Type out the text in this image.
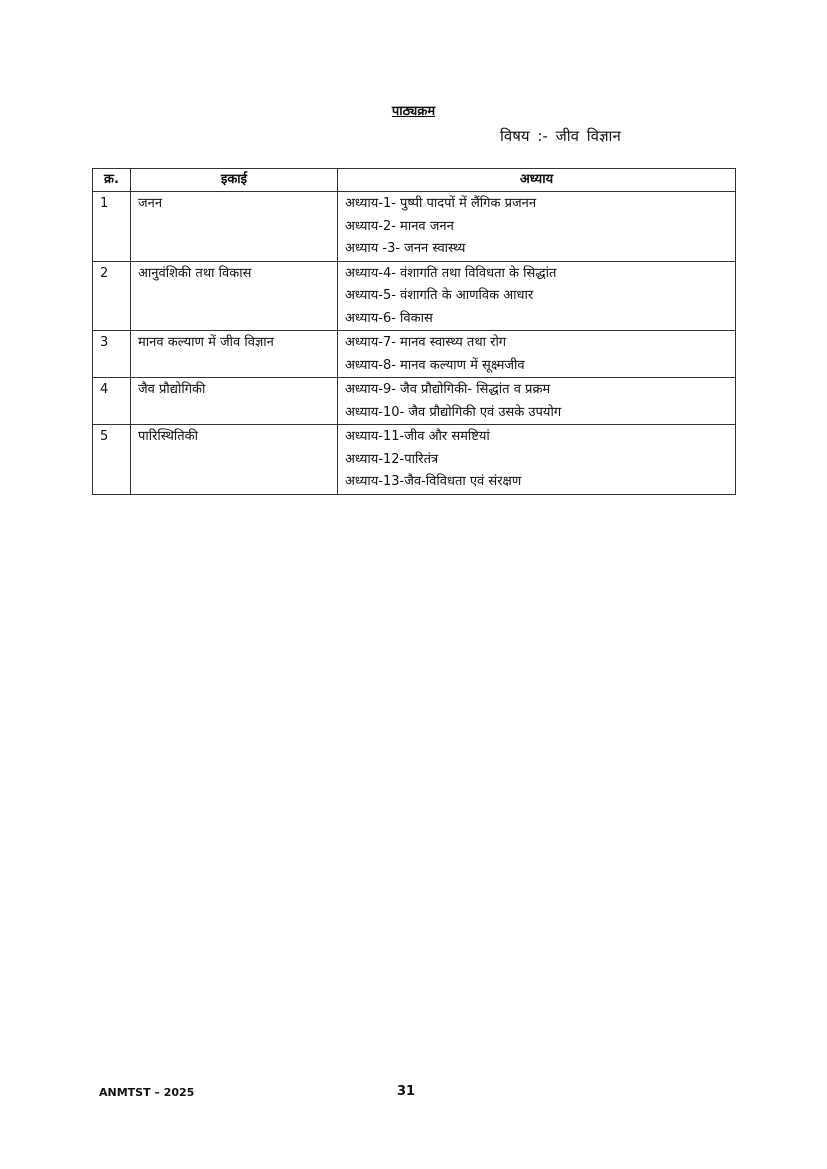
पाठ्यक्रम
विषय :- जीव विज्ञान
क्र.	इकाई	अध्याय
1	जनन	अध्याय-1- पुष्पी पादपों में लैंगिक प्रजनन
अध्याय-2- मानव जनन
अध्याय -3- जनन स्वास्थ्य

2	आनुवंशिकी तथा विकास	अध्याय-4- वंशागति तथा विविधता के सिद्धांत
अध्याय-5- वंशागति के आणविक आधार
अध्याय-6- विकास

3	मानव कल्याण में जीव विज्ञान	अध्याय-7- मानव स्वास्थ्य तथा रोग
अध्याय-8- मानव कल्याण में सूक्ष्मजीव

4	जैव प्रौद्योगिकी	अध्याय-9- जैव प्रौद्योगिकी- सिद्धांत व प्रक्रम
अध्याय-10- जैव प्रौद्योगिकी एवं उसके उपयोग

5	पारिस्थितिकी	अध्याय-11-जीव और समष्टियां
अध्याय-12-पारितंत्र
अध्याय-13-जैव-विविधता एवं संरक्षण
ANMTST – 2025	31
